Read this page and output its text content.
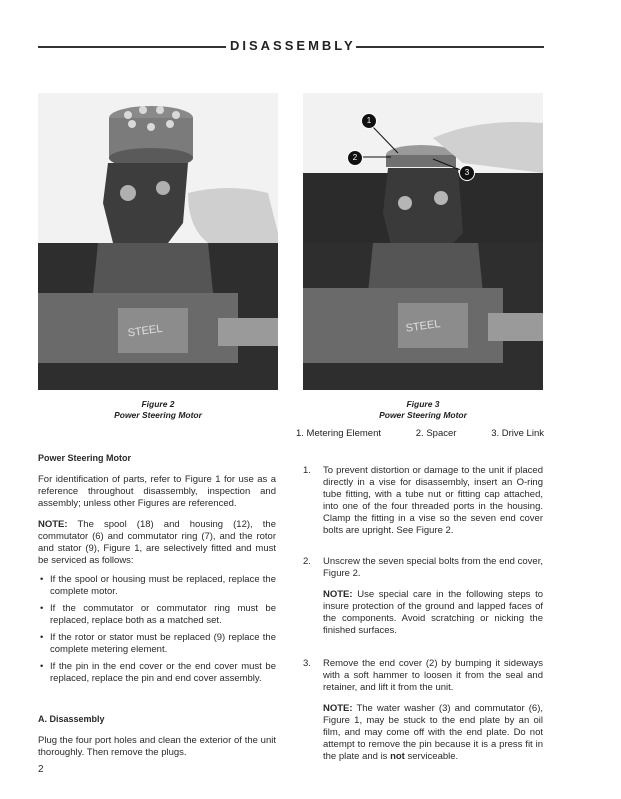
DISASSEMBLY
STEEL	STEEL
1
2
3
Figure 2
Power Steering Motor
Figure 3
Power Steering Motor
1. Metering Element	2. Spacer	3. Drive Link

Power Steering Motor

For identification of parts, refer to Figure 1 for use as a reference throughout disassembly, inspection and assembly; unless other Figures are referenced.

NOTE: The spool (18) and housing (12), the commutator (6) and commutator ring (7), and the rotor and stator (9), Figure 1, are selectively fitted and must be serviced as follows:

• If the spool or housing must be replaced, replace the complete motor.
• If the commutator or commutator ring must be replaced, replace both as a matched set.
• If the rotor or stator must be replaced (9) replace the complete metering element.
• If the pin in the end cover or the end cover must be replaced, replace the pin and end cover assembly.

A. Disassembly

Plug the four port holes and clean the exterior of the unit thoroughly. Then remove the plugs.

1. To prevent distortion or damage to the unit if placed directly in a vise for disassembly, insert an O-ring tube fitting, with a tube nut or fitting cap attached, into one of the four threaded ports in the housing. Clamp the fitting in a vise so the seven end cover bolts are upright. See Figure 2.
2. Unscrew the seven special bolts from the end cover, Figure 2.
NOTE: Use special care in the following steps to insure protection of the ground and lapped faces of the components. Avoid scratching or nicking the finished surfaces.
3. Remove the end cover (2) by bumping it sideways with a soft hammer to loosen it from the seal and retainer, and lift it from the unit.
NOTE: The water washer (3) and commutator (6), Figure 1, may be stuck to the end plate by an oil film, and may come off with the end plate. Do not attempt to remove the pin because it is a press fit in the plate and is not serviceable.
2
